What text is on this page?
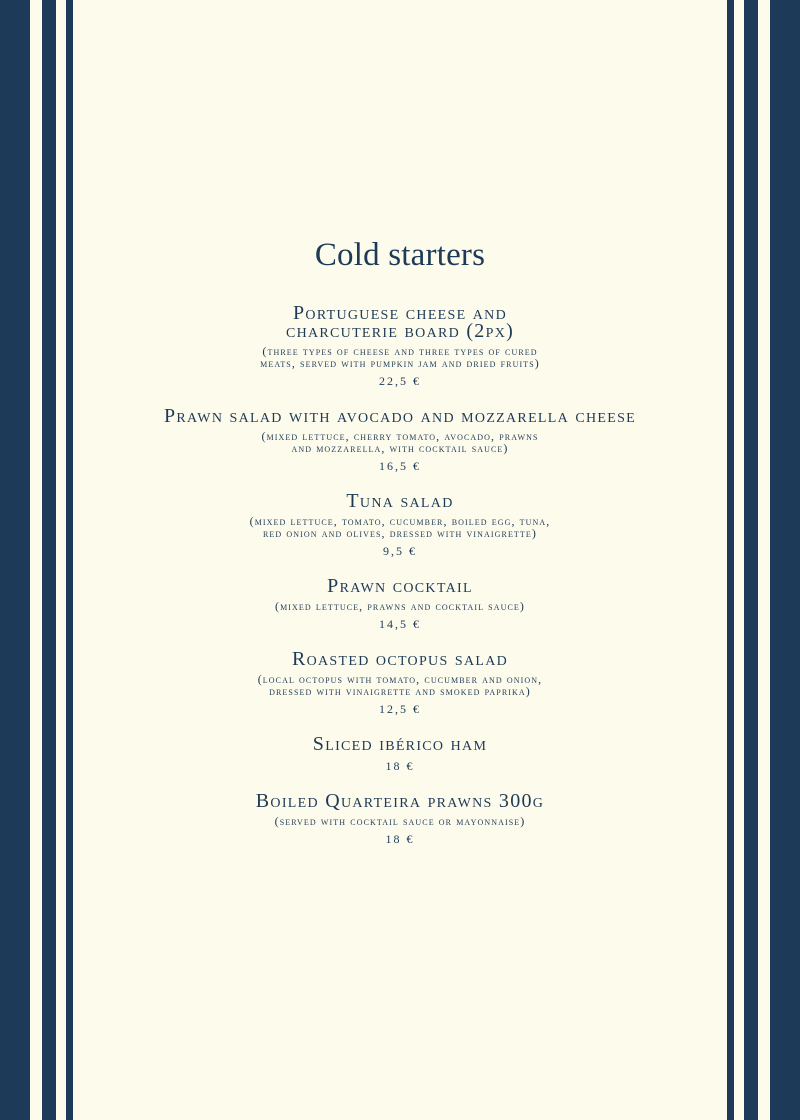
Cold starters
Portuguese cheese and
charcuterie board (2px)
(three types of cheese and three types of cured
meats, served with pumpkin jam and dried fruits)
22,5 €
Prawn salad with avocado and mozzarella cheese
(mixed lettuce, cherry tomato, avocado, prawns
and mozzarella, with cocktail sauce)
16,5 €
Tuna salad
(mixed lettuce, tomato, cucumber, boiled egg, tuna,
red onion and olives, dressed with vinaigrette)
9,5 €
Prawn cocktail
(mixed lettuce, prawns and cocktail sauce)
14,5 €
Roasted octopus salad
(local octopus with tomato, cucumber and onion,
dressed with vinaigrette and smoked paprika)
12,5 €
Sliced ibérico ham
18 €
Boiled Quarteira prawns 300g
(served with cocktail sauce or mayonnaise)
18 €
